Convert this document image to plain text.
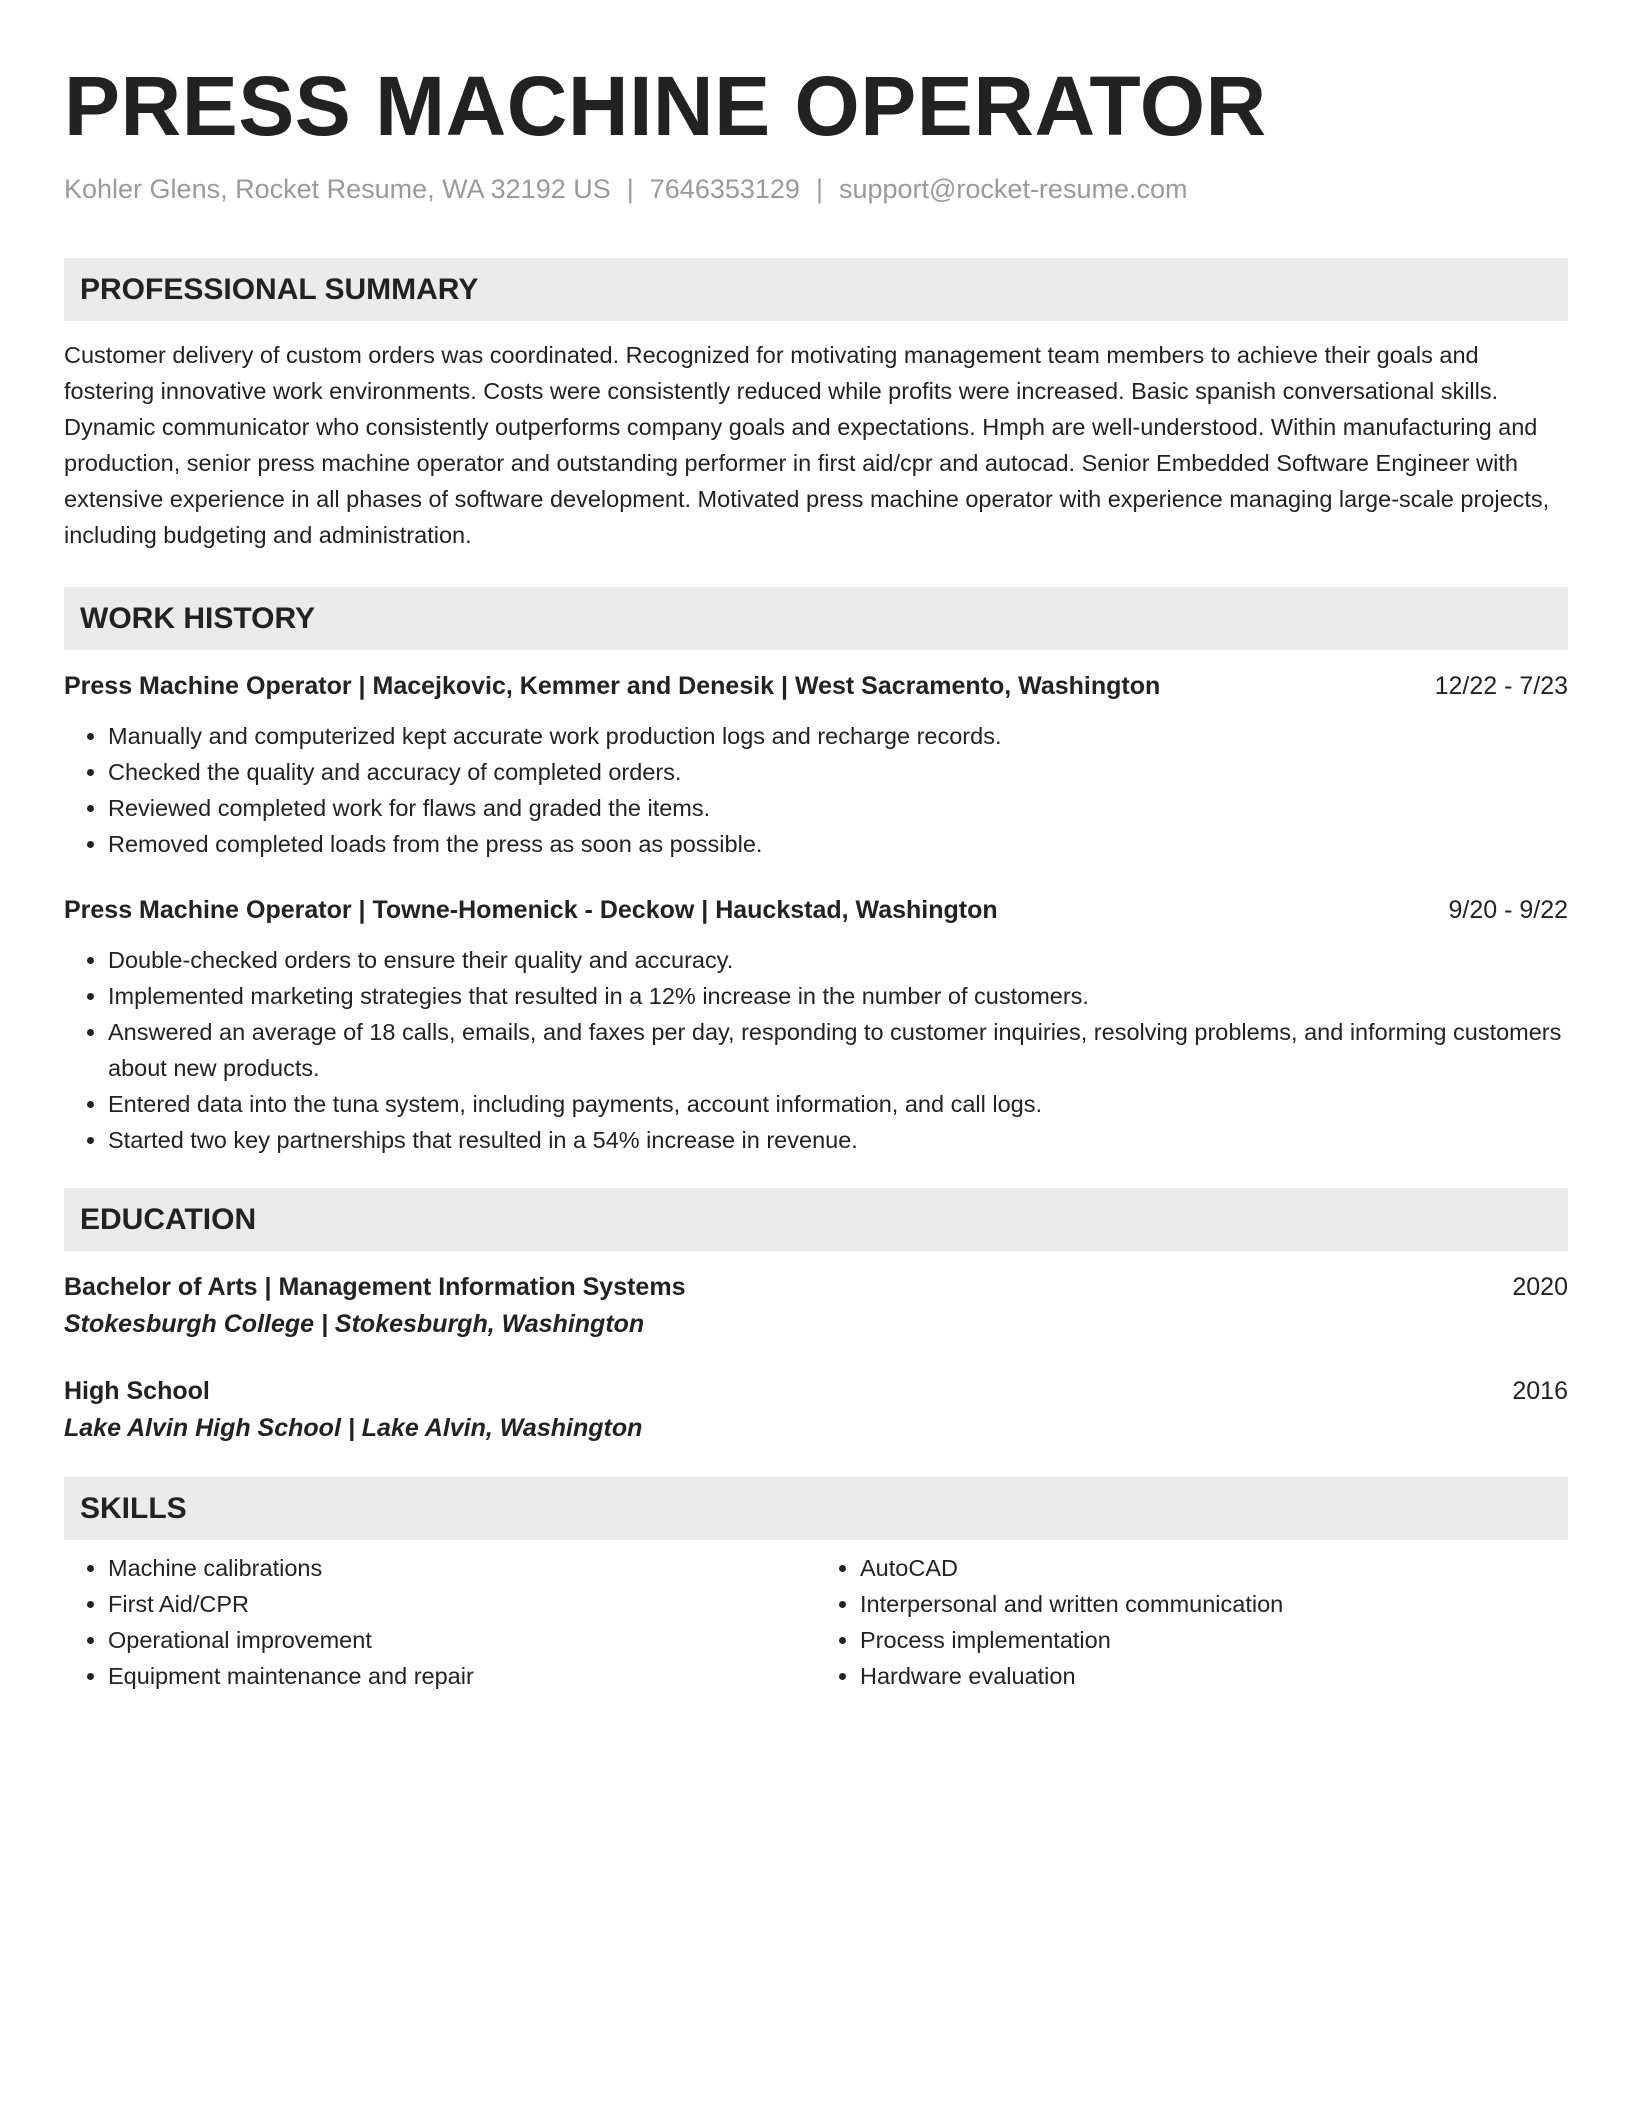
PRESS MACHINE OPERATOR
Kohler Glens, Rocket Resume, WA 32192 US | 7646353129 | support@rocket-resume.com
PROFESSIONAL SUMMARY

Customer delivery of custom orders was coordinated. Recognized for motivating management team members to achieve their goals and fostering innovative work environments. Costs were consistently reduced while profits were increased. Basic spanish conversational skills. Dynamic communicator who consistently outperforms company goals and expectations. Hmph are well-understood. Within manufacturing and production, senior press machine operator and outstanding performer in first aid/cpr and autocad. Senior Embedded Software Engineer with extensive experience in all phases of software development. Motivated press machine operator with experience managing large-scale projects, including budgeting and administration.

WORK HISTORY
Press Machine Operator | Macejkovic, Kemmer and Denesik | West Sacramento, Washington	12/22 - 7/23
• Manually and computerized kept accurate work production logs and recharge records.
• Checked the quality and accuracy of completed orders.
• Reviewed completed work for flaws and graded the items.
• Removed completed loads from the press as soon as possible.
Press Machine Operator | Towne-Homenick - Deckow | Hauckstad, Washington	9/20 - 9/22
• Double-checked orders to ensure their quality and accuracy.
• Implemented marketing strategies that resulted in a 12% increase in the number of customers.
• Answered an average of 18 calls, emails, and faxes per day, responding to customer inquiries, resolving problems, and informing customers about new products.
• Entered data into the tuna system, including payments, account information, and call logs.
• Started two key partnerships that resulted in a 54% increase in revenue.
EDUCATION
Bachelor of Arts | Management Information Systems	2020
Stokesburgh College | Stokesburgh, Washington
High School	2016
Lake Alvin High School | Lake Alvin, Washington
SKILLS
• Machine calibrations
• First Aid/CPR
• Operational improvement
• Equipment maintenance and repair
• AutoCAD
• Interpersonal and written communication
• Process implementation
• Hardware evaluation
